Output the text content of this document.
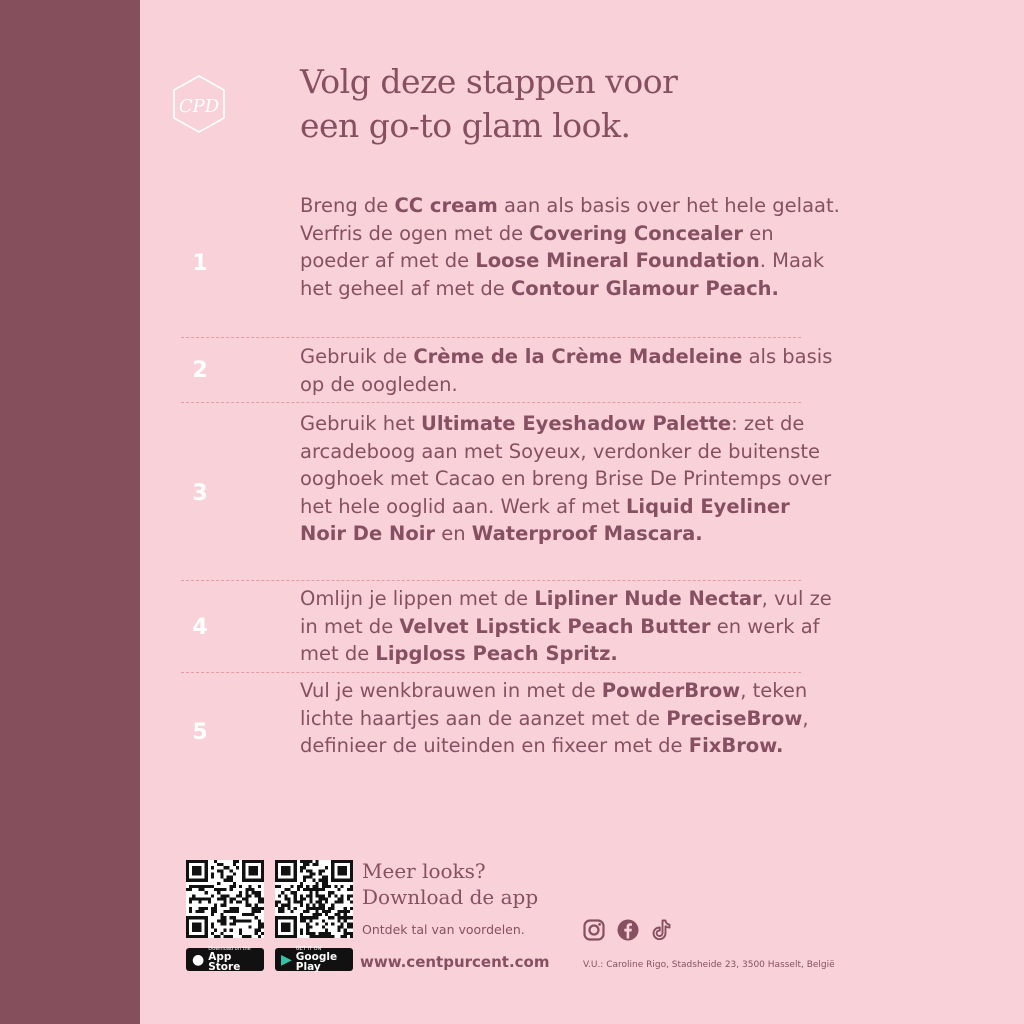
CPD
Volg deze stappen voor
een go-to glam look.
1
Breng de CC cream aan als basis over het hele gelaat. Verfris de ogen met de Covering Concealer en poeder af met de Loose Mineral Foundation. Maak het geheel af met de Contour Glamour Peach.
2
Gebruik de Crème de la Crème Madeleine als basis op de oogleden.
3
Gebruik het Ultimate Eyeshadow Palette: zet de arcadeboog aan met Soyeux, verdonker de buitenste ooghoek met Cacao en breng Brise De Printemps over het hele ooglid aan. Werk af met Liquid Eyeliner Noir De Noir en Waterproof Mascara.
4
Omlijn je lippen met de Lipliner Nude Nectar, vul ze in met de Velvet Lipstick Peach Butter en werk af met de Lipgloss Peach Spritz.
5
Vul je wenkbrauwen in met de PowderBrow, teken lichte haartjes aan de aanzet met de PreciseBrow, definieer de uiteinden en fixeer met de FixBrow.
●
Download on the
App Store	▶
GET IT ON
Google Play
Meer looks?
Download de app
Ontdek tal van voordelen.
www.centpurcent.com	V.U.: Caroline Rigo, Stadsheide 23, 3500 Hasselt, België
